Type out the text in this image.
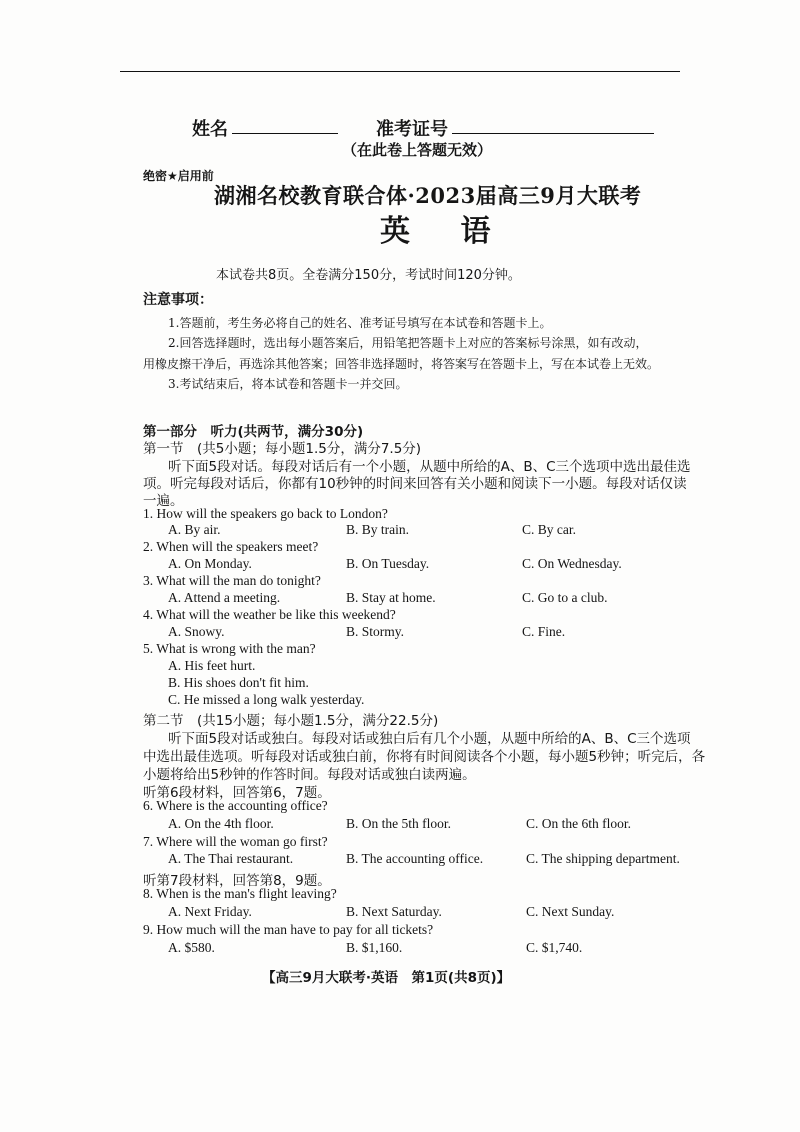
姓名	准考证号
（在此卷上答题无效）
绝密★启用前
湖湘名校教育联合体·2023届高三9月大联考
英 语
本试卷共8页。全卷满分150分，考试时间120分钟。
注意事项：
1.答题前，考生务必将自己的姓名、准考证号填写在本试卷和答题卡上。
2.回答选择题时，选出每小题答案后，用铅笔把答题卡上对应的答案标号涂黑，如有改动，
用橡皮擦干净后，再选涂其他答案；回答非选择题时，将答案写在答题卡上，写在本试卷上无效。
3.考试结束后，将本试卷和答题卡一并交回。
第一部分　听力(共两节，满分30分)
第一节　(共5小题；每小题1.5分，满分7.5分)
听下面5段对话。每段对话后有一个小题，从题中所给的A、B、C三个选项中选出最佳选
项。听完每段对话后，你都有10秒钟的时间来回答有关小题和阅读下一小题。每段对话仅读
一遍。
1. How will the speakers go back to London?
A. By air.	B. By train.	C. By car.
2. When will the speakers meet?
A. On Monday.	B. On Tuesday.	C. On Wednesday.
3. What will the man do tonight?
A. Attend a meeting.	B. Stay at home.	C. Go to a club.
4. What will the weather be like this weekend?
A. Snowy.	B. Stormy.	C. Fine.
5. What is wrong with the man?
A. His feet hurt.
B. His shoes don't fit him.
C. He missed a long walk yesterday.
第二节　(共15小题；每小题1.5分，满分22.5分)
听下面5段对话或独白。每段对话或独白后有几个小题，从题中所给的A、B、C三个选项
中选出最佳选项。听每段对话或独白前，你将有时间阅读各个小题，每小题5秒钟；听完后，各
小题将给出5秒钟的作答时间。每段对话或独白读两遍。
听第6段材料，回答第6，7题。
6. Where is the accounting office?
A. On the 4th floor.	B. On the 5th floor.	C. On the 6th floor.
7. Where will the woman go first?
A. The Thai restaurant.	B. The accounting office.	C. The shipping department.
听第7段材料，回答第8，9题。
8. When is the man's flight leaving?
A. Next Friday.	B. Next Saturday.	C. Next Sunday.
9. How much will the man have to pay for all tickets?
A. $580.	B. $1,160.	C. $1,740.
【高三9月大联考·英语　第1页(共8页)】
